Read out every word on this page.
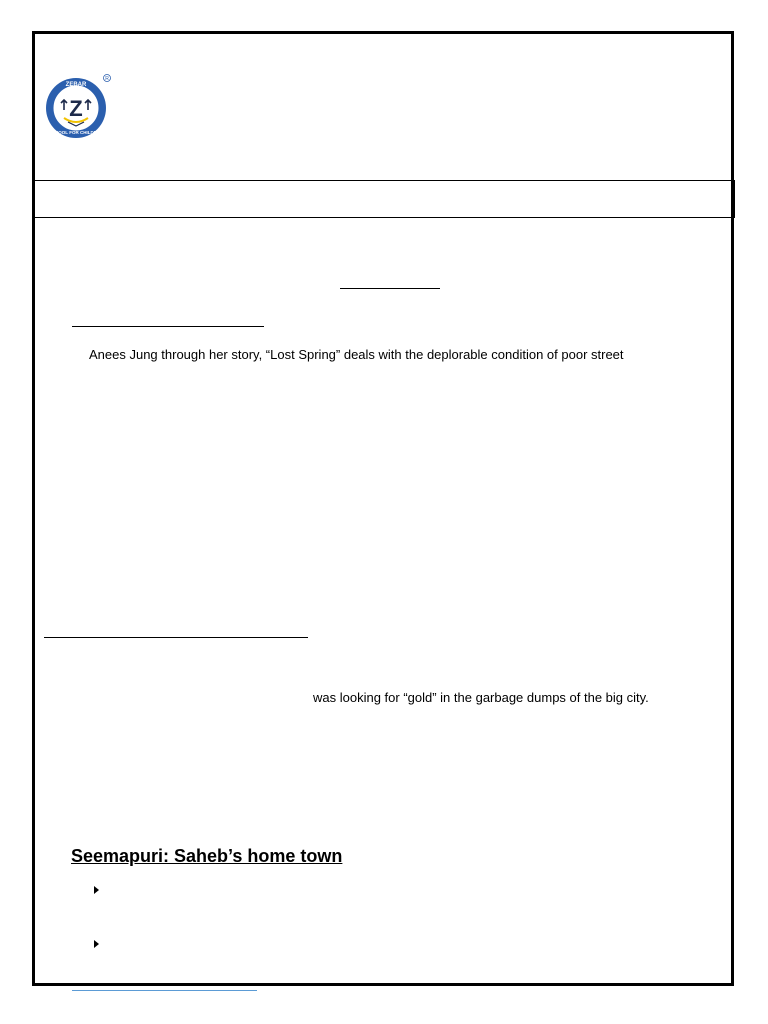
ZEBAR
Z
SCHOOL FOR CHILDREN
R
Anees Jung through her story, “Lost Spring” deals with the deplorable condition of poor street
was looking for “gold” in the garbage dumps of the big city.
Seemapuri: Saheb’s home town
